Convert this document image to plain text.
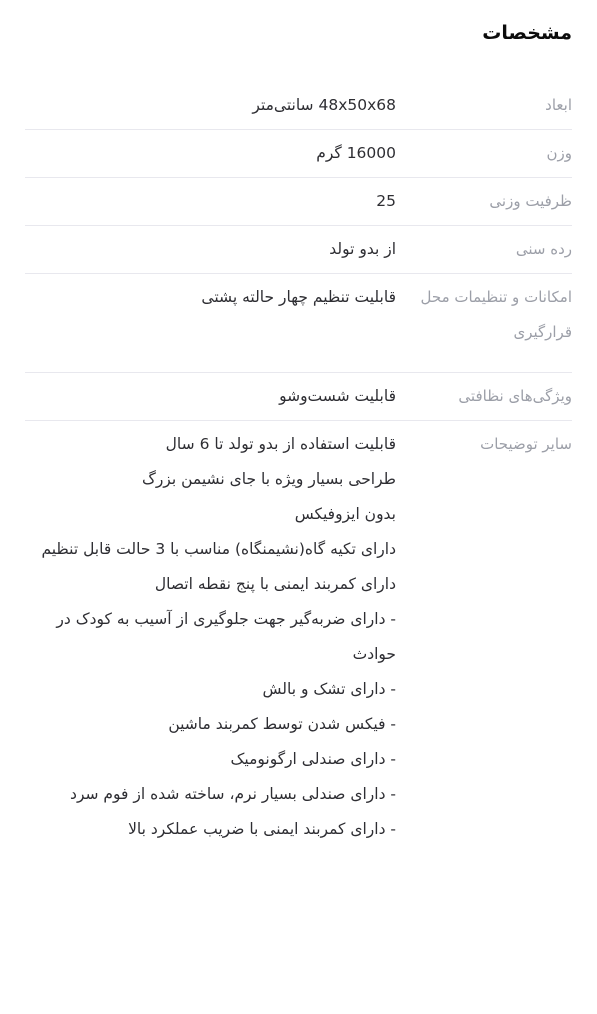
مشخصات
ابعاد
48x50x68 سانتی‌متر
وزن
16000 گرم
ظرفیت وزنی
25
رده سنی
از بدو تولد
امکانات و تنظیمات محل قرارگیری
قابلیت تنظیم چهار حالته پشتی
ویژگی‌های نظافتی
قابلیت شست‌وشو
سایر توضیحات
قابلیت استفاده از بدو تولد تا 6 سال
طراحی بسیار ویژه با جای نشیمن بزرگ
بدون ایزوفیکس
دارای تکیه گاه(نشیمنگاه) مناسب با 3 حالت قابل تنظیم
دارای کمربند ایمنی با پنج نقطه اتصال
- دارای ضربه‌گیر جهت جلوگیری از آسیب به کودک در حوادث
- دارای تشک و بالش
- فیکس شدن توسط کمربند ماشین
- دارای صندلی ارگونومیک
- دارای صندلی بسیار نرم، ساخته شده از فوم سرد
- دارای کمربند ایمنی با ضریب عملکرد بالا
